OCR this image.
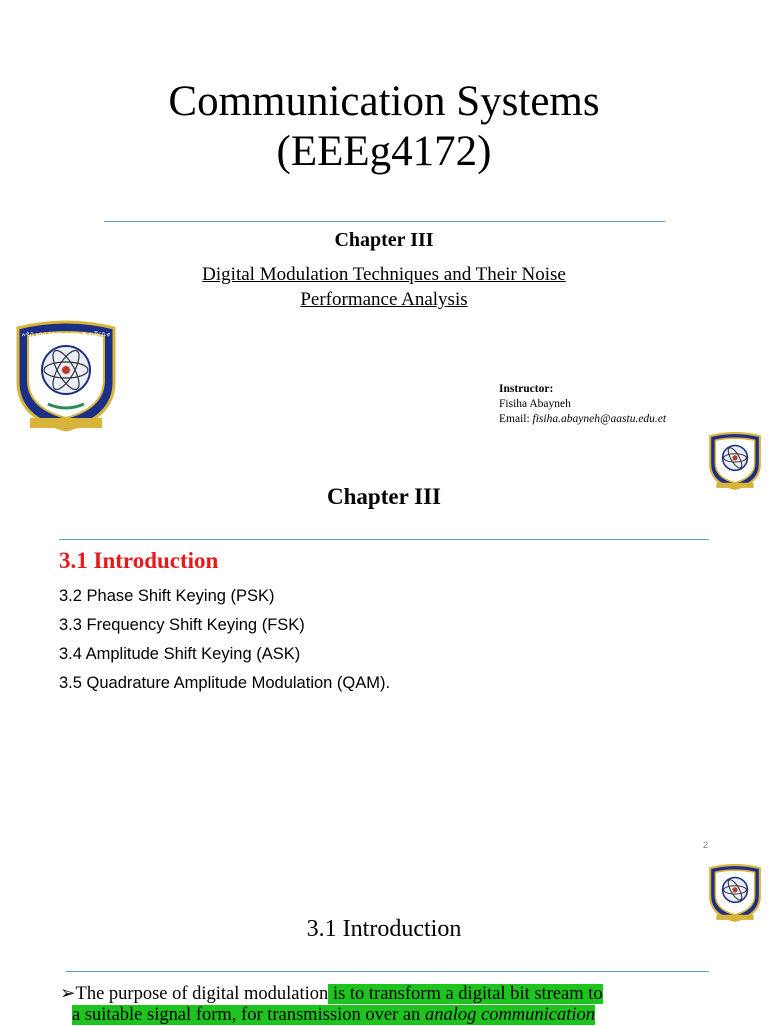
Communication Systems
(EEEg4172)
Chapter III
Digital Modulation Techniques and Their Noise
Performance Analysis
አዲስ አበባ ሳይንስና ቴክኖሎጂ ዩኒቨርሲቲ
Instructor:
Fisiha Abayneh
Email: fisiha.abayneh@aastu.edu.et
Chapter III
3.1 Introduction
3.2 Phase Shift Keying (PSK)
3.3 Frequency Shift Keying (FSK)
3.4 Amplitude Shift Keying (ASK)
3.5 Quadrature Amplitude Modulation (QAM).
2
3.1 Introduction
➢The purpose of digital modulation is to transform a digital bit stream to
a suitable signal form, for transmission over an analog communication
